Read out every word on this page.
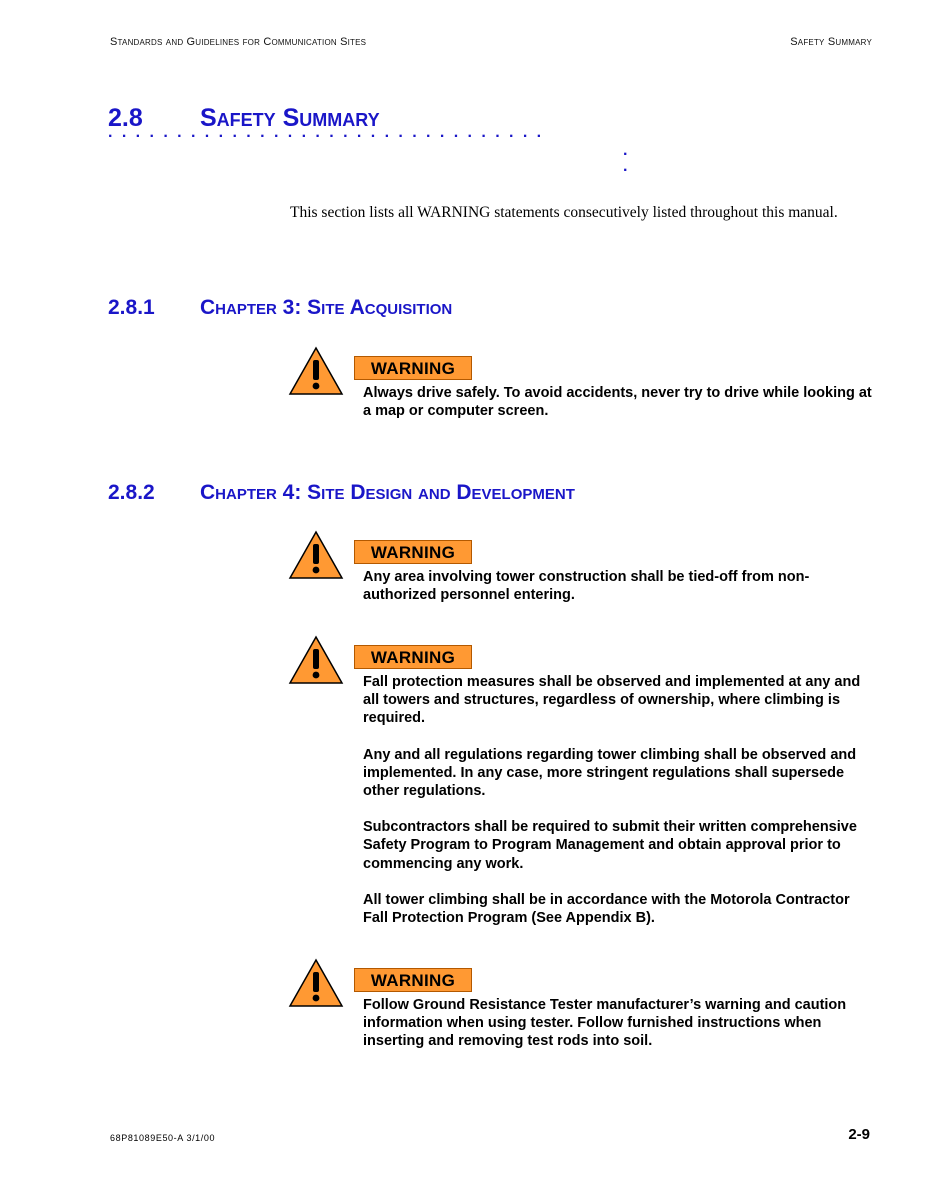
Standards and Guidelines for Communication Sites	Safety Summary
2.8 Safety Summary
································
·
·
This section lists all WARNING statements consecutively listed throughout this manual.
2.8.1 Chapter 3: Site Acquisition
WARNING

Always drive safely. To avoid accidents, never try to drive while looking at a map or computer screen.

2.8.2 Chapter 4: Site Design and Development
WARNING

Any area involving tower construction shall be tied-off from non-authorized personnel entering.

WARNING

Fall protection measures shall be observed and implemented at any and all towers and structures, regardless of ownership, where climbing is required.

Any and all regulations regarding tower climbing shall be observed and implemented. In any case, more stringent regulations shall supersede other regulations.

Subcontractors shall be required to submit their written comprehensive Safety Program to Program Management and obtain approval prior to commencing any work.

All tower climbing shall be in accordance with the Motorola Contractor Fall Protection Program (See Appendix B).

WARNING

Follow Ground Resistance Tester manufacturer’s warning and caution information when using tester. Follow furnished instructions when inserting and removing test rods into soil.

68P81089E50-A 3/1/00	2-9
